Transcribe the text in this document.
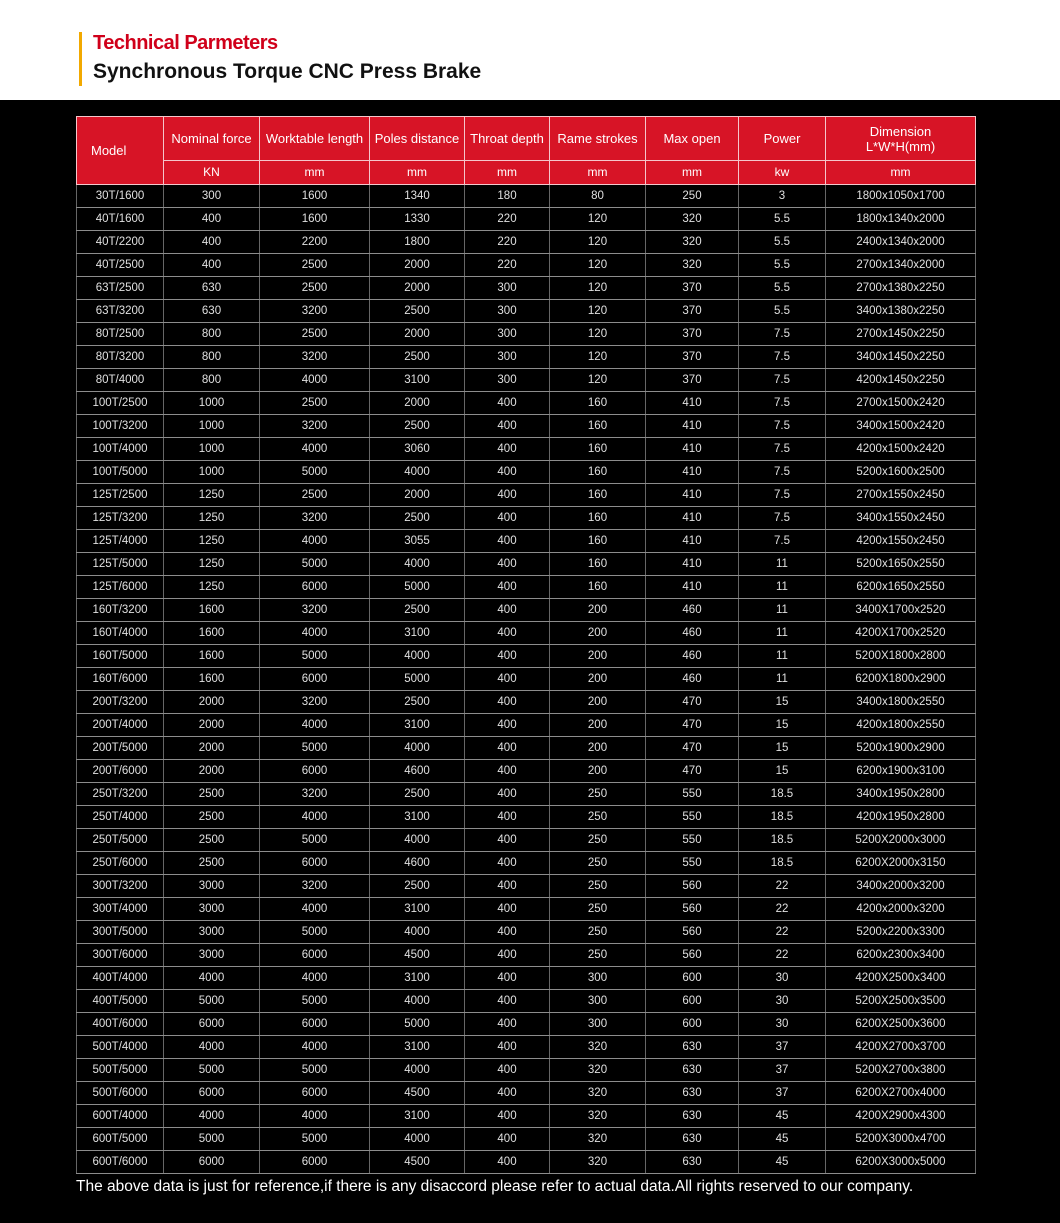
Technical Parmeters
Synchronous Torque CNC Press Brake
Model	Nominal force	Worktable length	Poles distance	Throat depth	Rame strokes	Max open	Power	Dimension
L*W*H(mm)

	KN	mm	mm	mm	mm	mm	kw	mm
30T/1600	300	1600	1340	180	80	250	3	1800x1050x1700
40T/1600	400	1600	1330	220	120	320	5.5	1800x1340x2000
40T/2200	400	2200	1800	220	120	320	5.5	2400x1340x2000
40T/2500	400	2500	2000	220	120	320	5.5	2700x1340x2000
63T/2500	630	2500	2000	300	120	370	5.5	2700x1380x2250
63T/3200	630	3200	2500	300	120	370	5.5	3400x1380x2250
80T/2500	800	2500	2000	300	120	370	7.5	2700x1450x2250
80T/3200	800	3200	2500	300	120	370	7.5	3400x1450x2250
80T/4000	800	4000	3100	300	120	370	7.5	4200x1450x2250
100T/2500	1000	2500	2000	400	160	410	7.5	2700x1500x2420
100T/3200	1000	3200	2500	400	160	410	7.5	3400x1500x2420
100T/4000	1000	4000	3060	400	160	410	7.5	4200x1500x2420
100T/5000	1000	5000	4000	400	160	410	7.5	5200x1600x2500
125T/2500	1250	2500	2000	400	160	410	7.5	2700x1550x2450
125T/3200	1250	3200	2500	400	160	410	7.5	3400x1550x2450
125T/4000	1250	4000	3055	400	160	410	7.5	4200x1550x2450
125T/5000	1250	5000	4000	400	160	410	11	5200x1650x2550
125T/6000	1250	6000	5000	400	160	410	11	6200x1650x2550
160T/3200	1600	3200	2500	400	200	460	11	3400X1700x2520
160T/4000	1600	4000	3100	400	200	460	11	4200X1700x2520
160T/5000	1600	5000	4000	400	200	460	11	5200X1800x2800
160T/6000	1600	6000	5000	400	200	460	11	6200X1800x2900
200T/3200	2000	3200	2500	400	200	470	15	3400x1800x2550
200T/4000	2000	4000	3100	400	200	470	15	4200x1800x2550
200T/5000	2000	5000	4000	400	200	470	15	5200x1900x2900
200T/6000	2000	6000	4600	400	200	470	15	6200x1900x3100
250T/3200	2500	3200	2500	400	250	550	18.5	3400x1950x2800
250T/4000	2500	4000	3100	400	250	550	18.5	4200x1950x2800
250T/5000	2500	5000	4000	400	250	550	18.5	5200X2000x3000
250T/6000	2500	6000	4600	400	250	550	18.5	6200X2000x3150
300T/3200	3000	3200	2500	400	250	560	22	3400x2000x3200
300T/4000	3000	4000	3100	400	250	560	22	4200x2000x3200
300T/5000	3000	5000	4000	400	250	560	22	5200x2200x3300
300T/6000	3000	6000	4500	400	250	560	22	6200x2300x3400
400T/4000	4000	4000	3100	400	300	600	30	4200X2500x3400
400T/5000	5000	5000	4000	400	300	600	30	5200X2500x3500
400T/6000	6000	6000	5000	400	300	600	30	6200X2500x3600
500T/4000	4000	4000	3100	400	320	630	37	4200X2700x3700
500T/5000	5000	5000	4000	400	320	630	37	5200X2700x3800
500T/6000	6000	6000	4500	400	320	630	37	6200X2700x4000
600T/4000	4000	4000	3100	400	320	630	45	4200X2900x4300
600T/5000	5000	5000	4000	400	320	630	45	5200X3000x4700
600T/6000	6000	6000	4500	400	320	630	45	6200X3000x5000
The above data is just for reference,if there is any disaccord please refer to actual data.All rights reserved to our company.
